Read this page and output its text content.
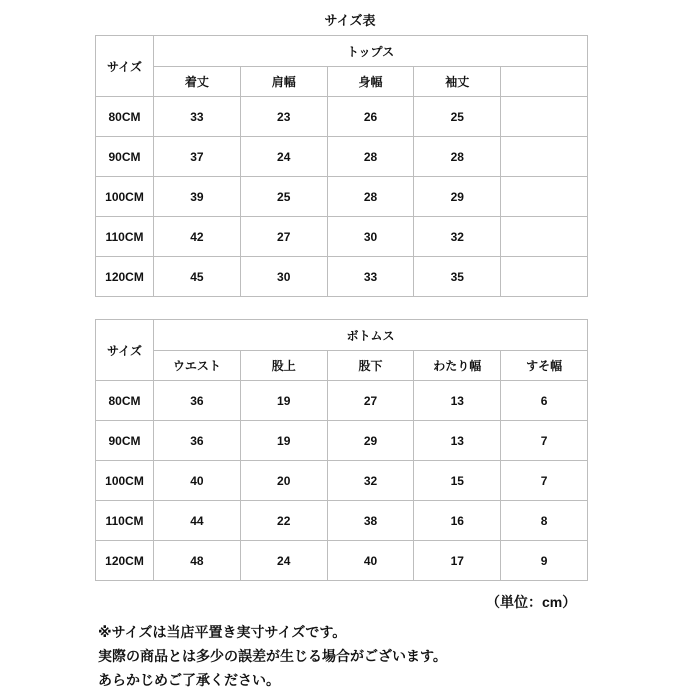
サイズ表
サイズ	トップス				
	着丈	肩幅	身幅	袖丈	
80CM	33	23	26	25	
90CM	37	24	28	28	
100CM	39	25	28	29	
110CM	42	27	30	32	
120CM	45	30	33	35	
サイズ	ボトムス				
	ウエスト	股上	股下	わたり幅	すそ幅
80CM	36	19	27	13	6
90CM	36	19	29	13	7
100CM	40	20	32	15	7
110CM	44	22	38	16	8
120CM	48	24	40	17	9
（単位：cm）
※サイズは当店平置き実寸サイズです。
実際の商品とは多少の誤差が生じる場合がございます。
あらかじめご了承ください。
